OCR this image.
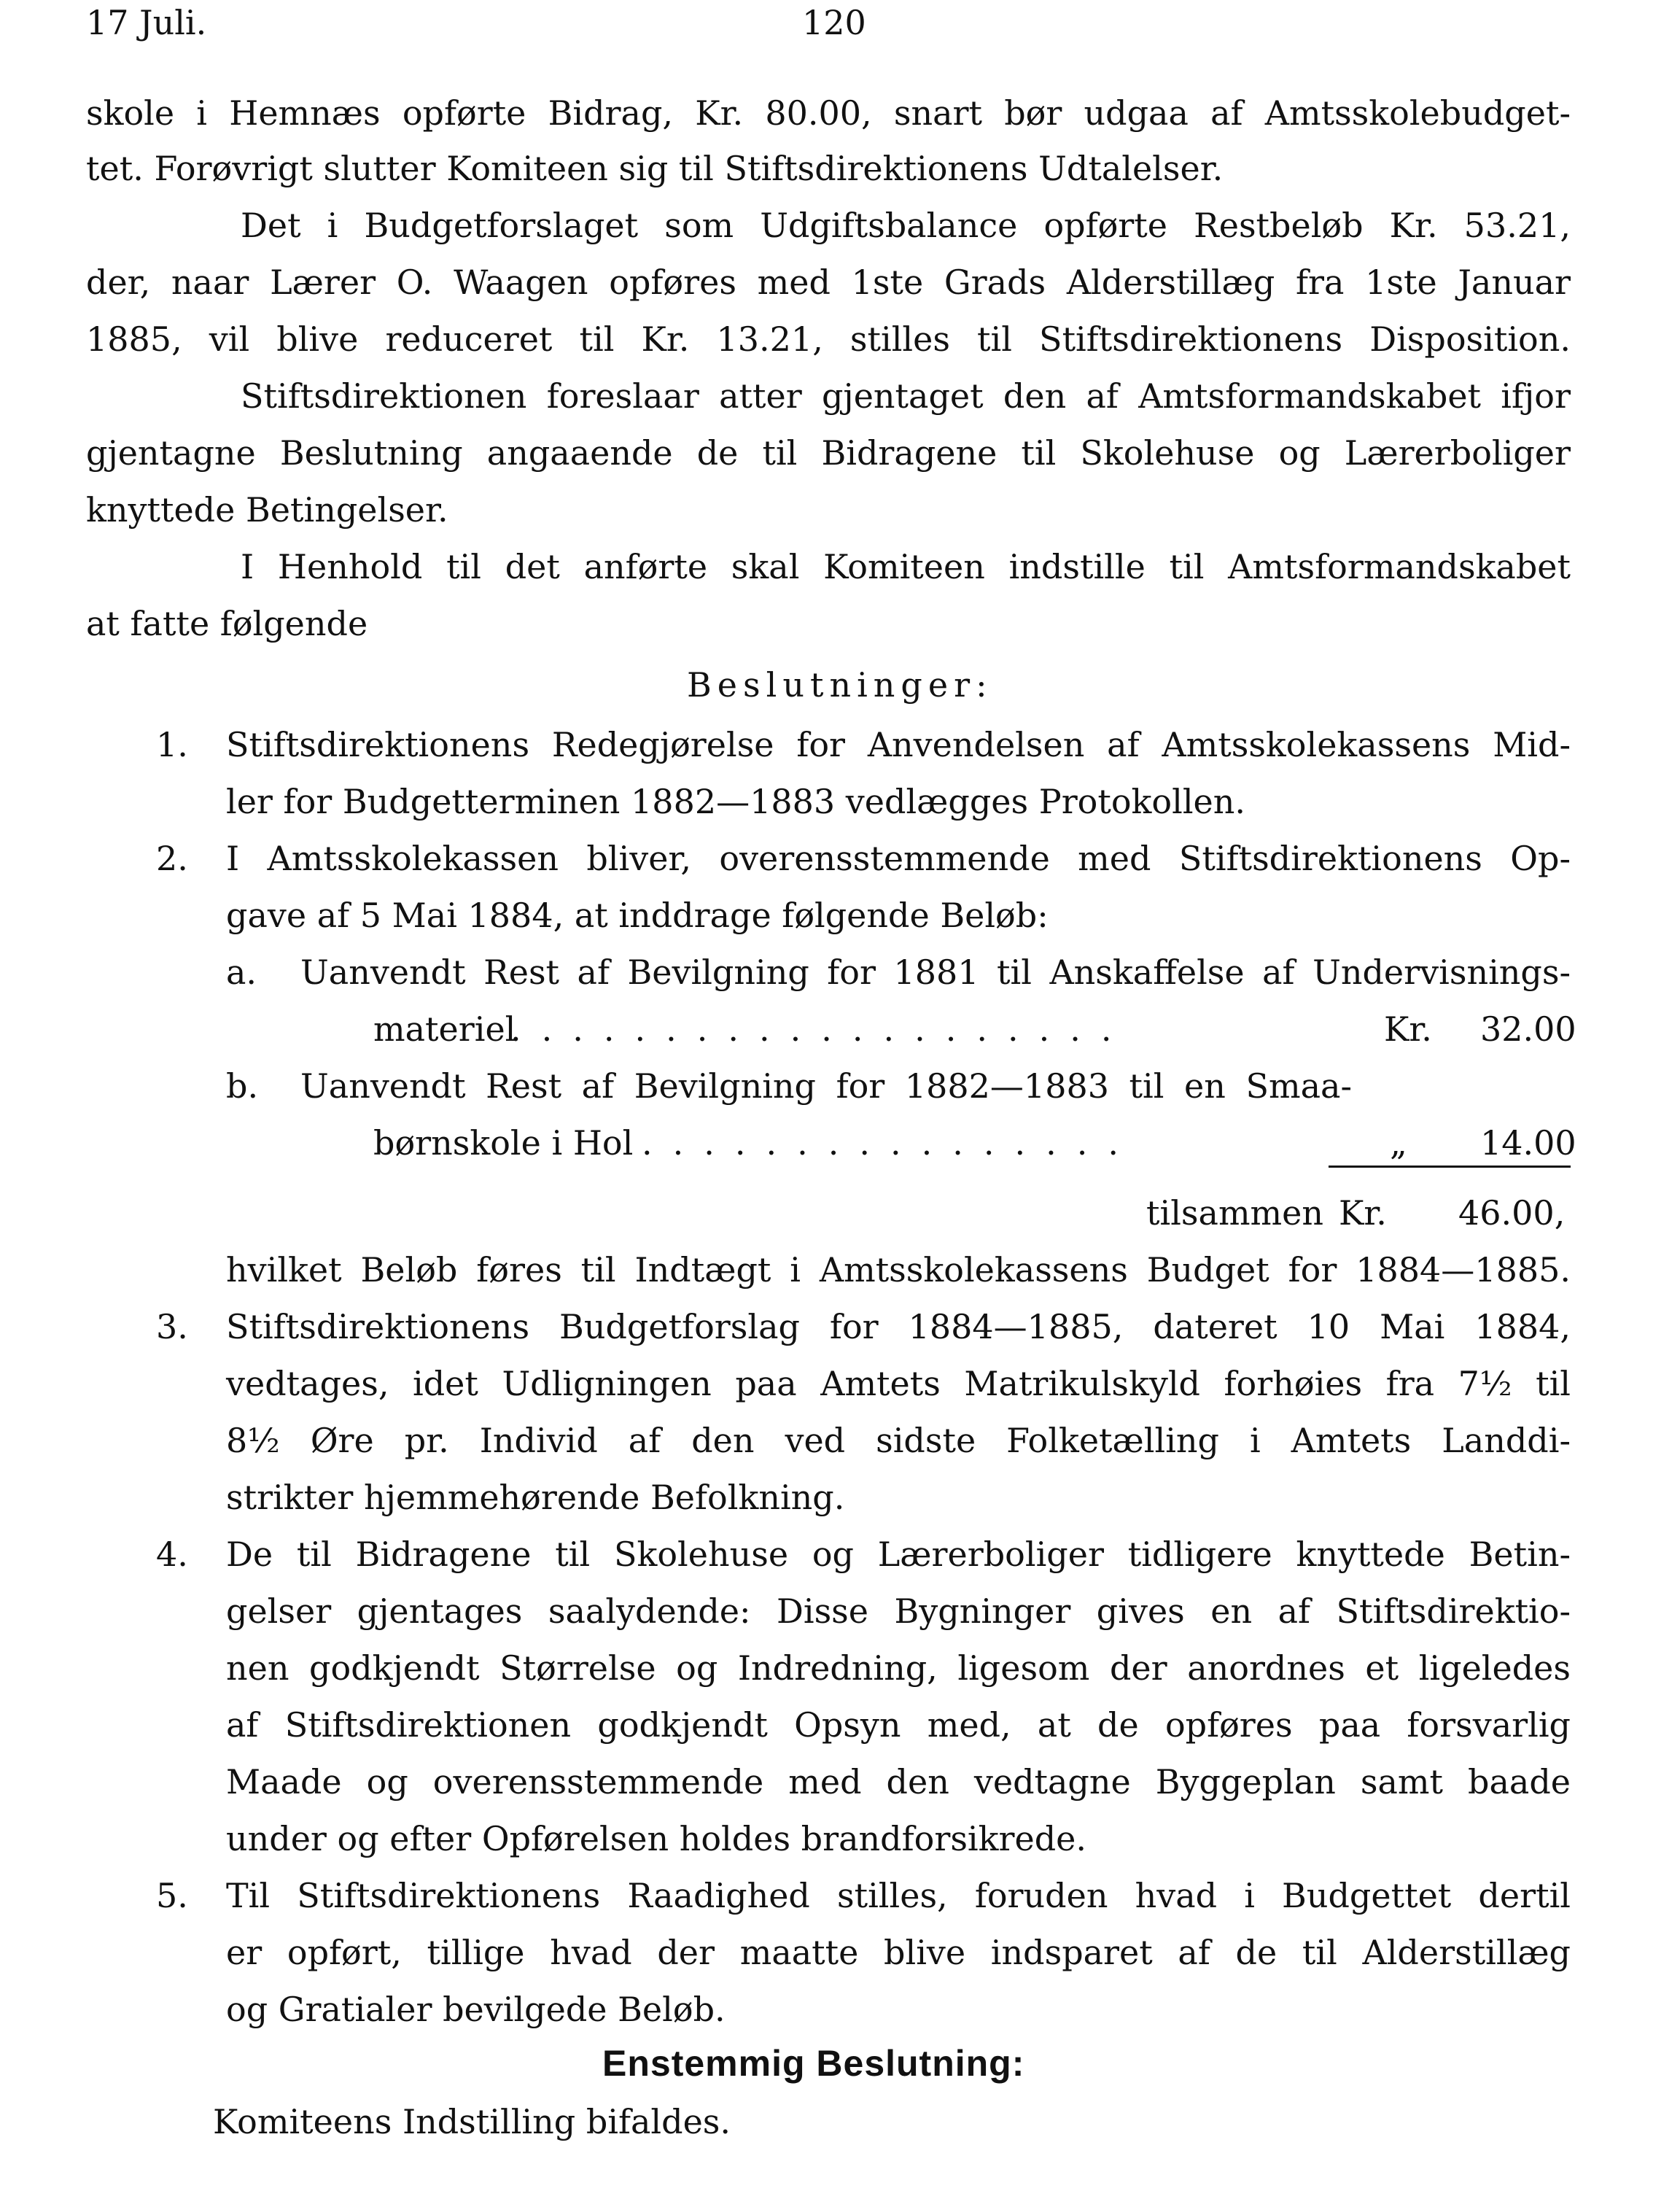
17 Juli.	120
skole i Hemnæs opførte Bidrag, Kr. 80.00, snart bør udgaa af Amtsskolebudget-
tet. Forøvrigt slutter Komiteen sig til Stiftsdirektionens Udtalelser.
Det i Budgetforslaget som Udgiftsbalance opførte Restbeløb Kr. 53.21,
der, naar Lærer O. Waagen opføres med 1ste Grads Alderstillæg fra 1ste Januar
1885, vil blive reduceret til Kr. 13.21, stilles til Stiftsdirektionens Disposition.
Stiftsdirektionen foreslaar atter gjentaget den af Amtsformandskabet ifjor
gjentagne Beslutning angaaende de til Bidragene til Skolehuse og Lærerboliger
knyttede Betingelser.
I Henhold til det anførte skal Komiteen indstille til Amtsformandskabet
at fatte følgende
Beslutninger:
1. Stiftsdirektionens Redegjørelse for Anvendelsen af Amtsskolekassens Mid-
ler for Budgetterminen 1882—1883 vedlægges Protokollen.
2. I Amtsskolekassen bliver, overensstemmende med Stiftsdirektionens Op-
gave af 5 Mai 1884, at inddrage følgende Beløb:
a. Uanvendt Rest af Bevilgning for 1881 til Anskaffelse af Undervisnings-
materiel
....................	Kr. 32.00
b. Uanvendt Rest af Bevilgning for 1882—1883 til en Smaa-
børnskole i Hol ................	„ 14.00
tilsammen Kr. 46.00,
hvilket Beløb føres til Indtægt i Amtsskolekassens Budget for 1884—1885.
3. Stiftsdirektionens Budgetforslag for 1884—1885, dateret 10 Mai 1884,
vedtages, idet Udligningen paa Amtets Matrikulskyld forhøies fra 7½ til
8½ Øre pr. Individ af den ved sidste Folketælling i Amtets Landdi-
strikter hjemmehørende Befolkning.
4. De til Bidragene til Skolehuse og Lærerboliger tidligere knyttede Betin-
gelser gjentages saalydende: Disse Bygninger gives en af Stiftsdirektio-
nen godkjendt Størrelse og Indredning, ligesom der anordnes et ligeledes
af Stiftsdirektionen godkjendt Opsyn med, at de opføres paa forsvarlig
Maade og overensstemmende med den vedtagne Byggeplan samt baade
under og efter Opførelsen holdes brandforsikrede.
5. Til Stiftsdirektionens Raadighed stilles, foruden hvad i Budgettet dertil
er opført, tillige hvad der maatte blive indsparet af de til Alderstillæg
og Gratialer bevilgede Beløb.
Enstemmig Beslutning:
Komiteens Indstilling bifaldes.
